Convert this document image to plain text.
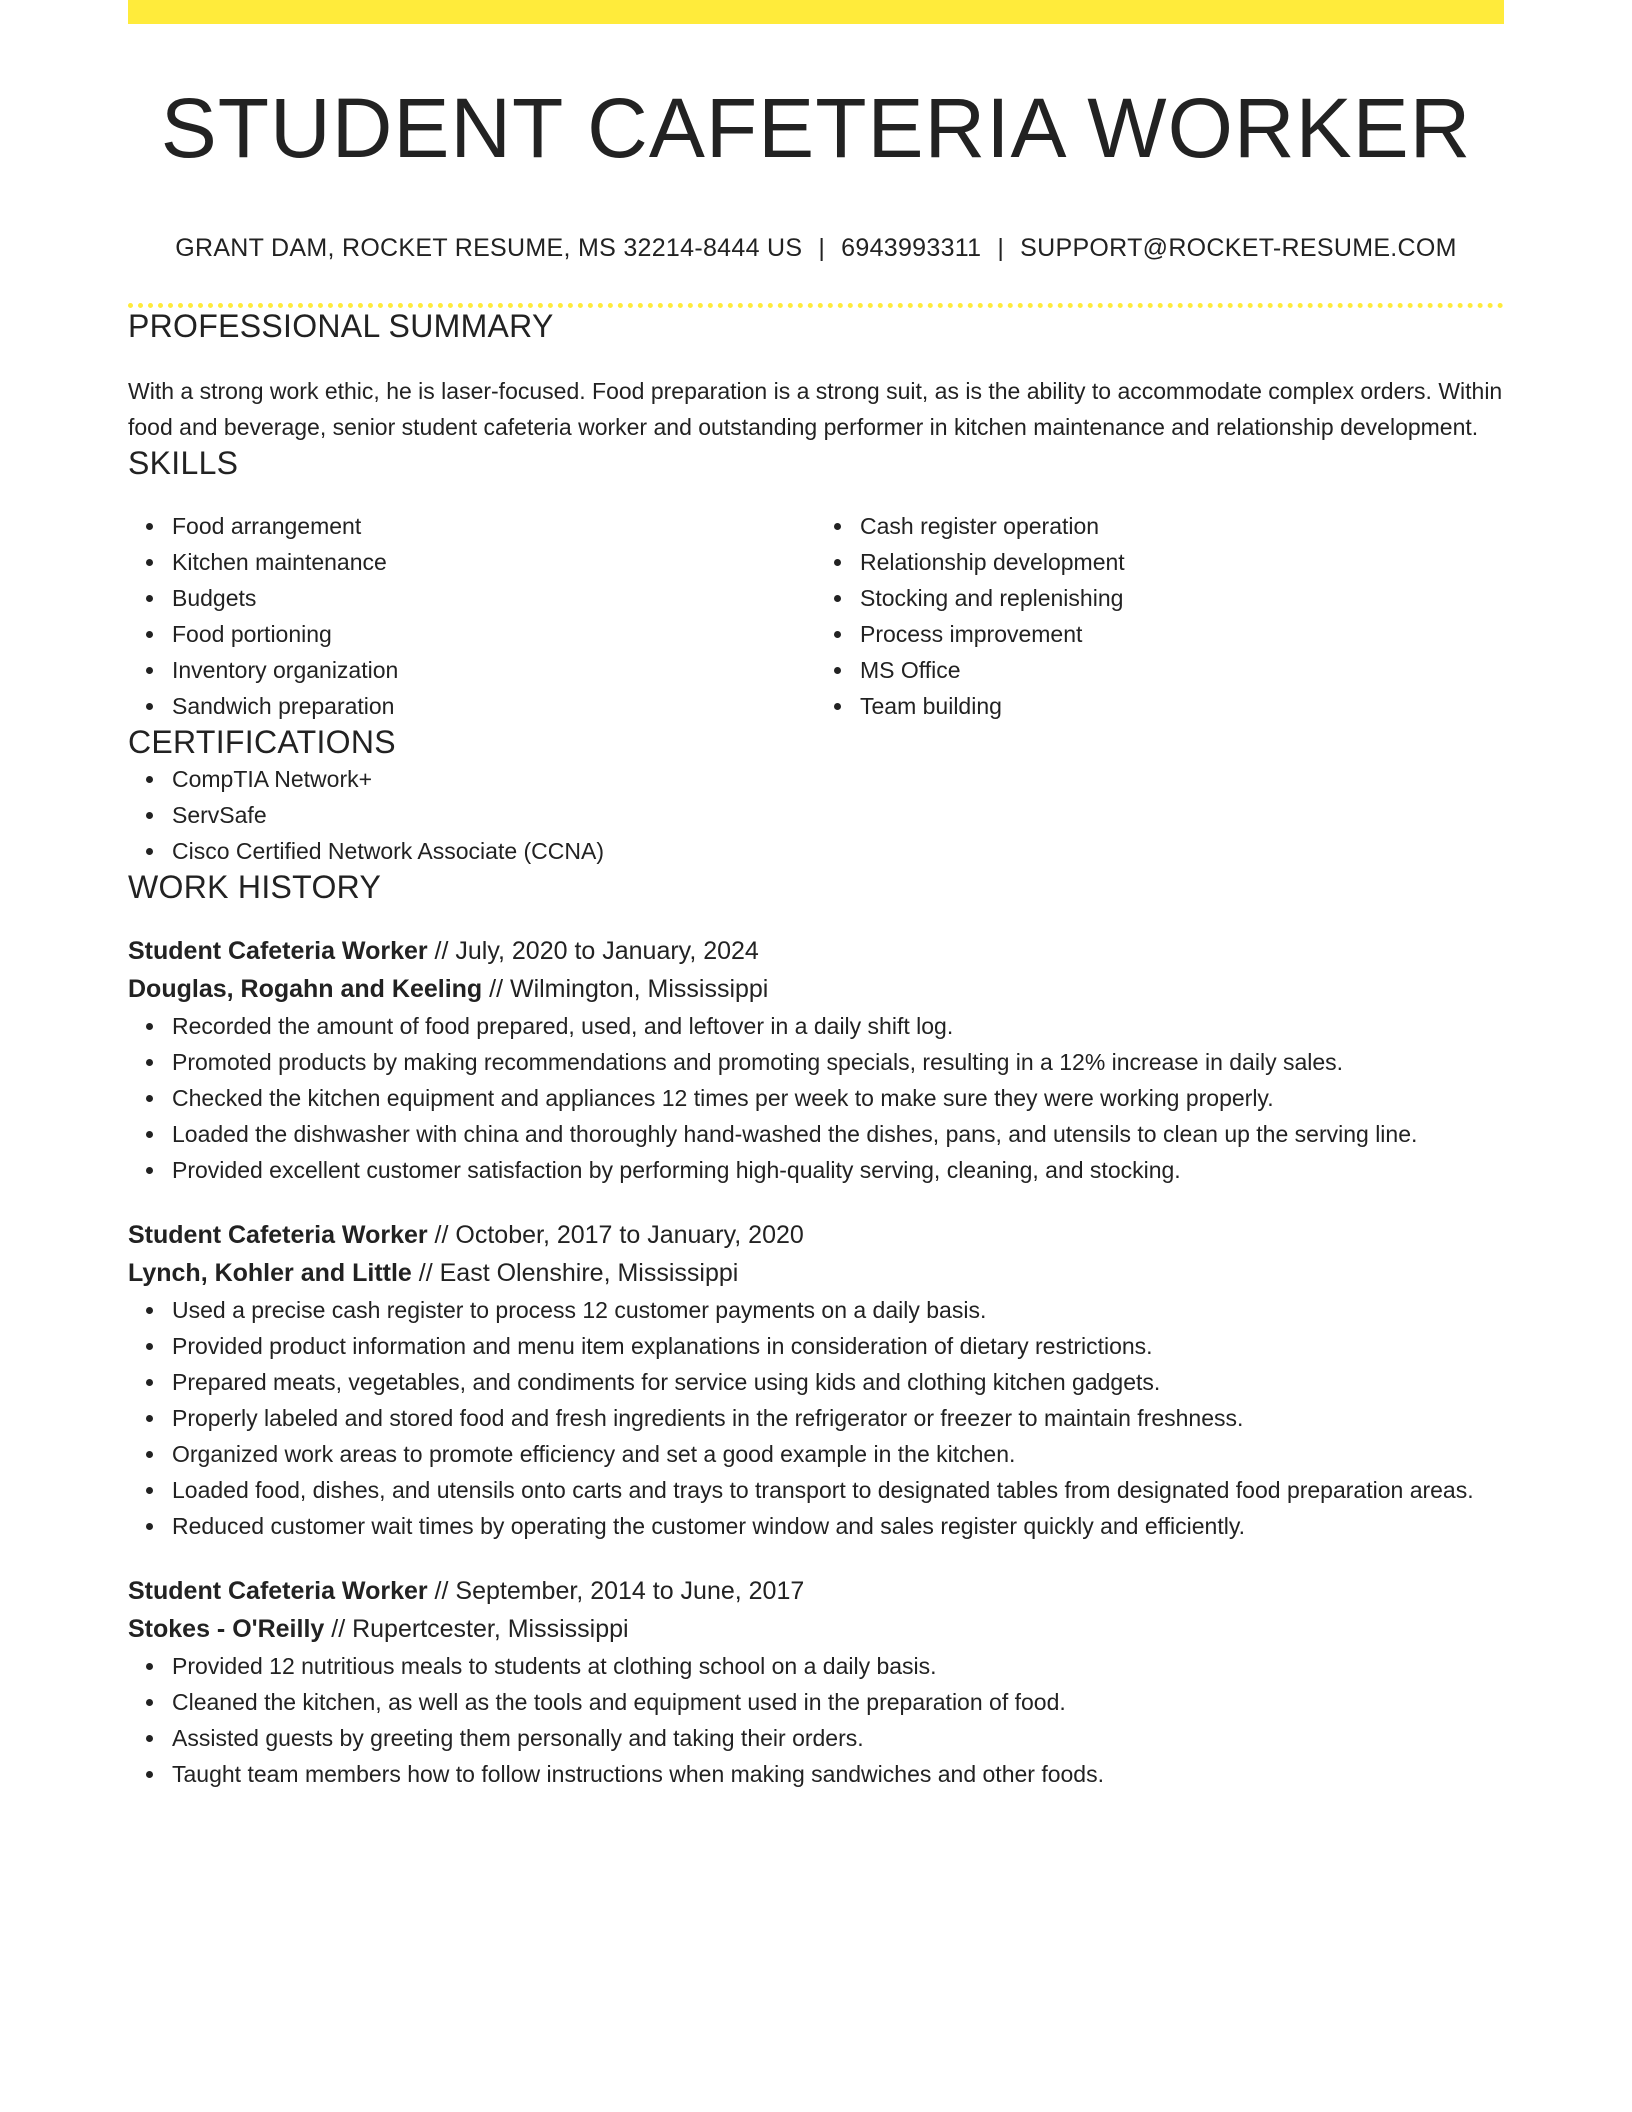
STUDENT CAFETERIA WORKER
GRANT DAM, ROCKET RESUME, MS 32214-8444 US | 6943993311 | SUPPORT@ROCKET-RESUME.COM
PROFESSIONAL SUMMARY
With a strong work ethic, he is laser-focused. Food preparation is a strong suit, as is the ability to accommodate complex orders. Within food and beverage, senior student cafeteria worker and outstanding performer in kitchen maintenance and relationship development.
SKILLS
Food arrangement
Kitchen maintenance
Budgets
Food portioning
Inventory organization
Sandwich preparation
Cash register operation
Relationship development
Stocking and replenishing
Process improvement
MS Office
Team building
CERTIFICATIONS
CompTIA Network+
ServSafe
Cisco Certified Network Associate (CCNA)
WORK HISTORY
Student Cafeteria Worker // July, 2020 to January, 2024
Douglas, Rogahn and Keeling // Wilmington, Mississippi
Recorded the amount of food prepared, used, and leftover in a daily shift log.
Promoted products by making recommendations and promoting specials, resulting in a 12% increase in daily sales.
Checked the kitchen equipment and appliances 12 times per week to make sure they were working properly.
Loaded the dishwasher with china and thoroughly hand-washed the dishes, pans, and utensils to clean up the serving line.
Provided excellent customer satisfaction by performing high-quality serving, cleaning, and stocking.
Student Cafeteria Worker // October, 2017 to January, 2020
Lynch, Kohler and Little // East Olenshire, Mississippi
Used a precise cash register to process 12 customer payments on a daily basis.
Provided product information and menu item explanations in consideration of dietary restrictions.
Prepared meats, vegetables, and condiments for service using kids and clothing kitchen gadgets.
Properly labeled and stored food and fresh ingredients in the refrigerator or freezer to maintain freshness.
Organized work areas to promote efficiency and set a good example in the kitchen.
Loaded food, dishes, and utensils onto carts and trays to transport to designated tables from designated food preparation areas.
Reduced customer wait times by operating the customer window and sales register quickly and efficiently.
Student Cafeteria Worker // September, 2014 to June, 2017
Stokes - O'Reilly // Rupertcester, Mississippi
Provided 12 nutritious meals to students at clothing school on a daily basis.
Cleaned the kitchen, as well as the tools and equipment used in the preparation of food.
Assisted guests by greeting them personally and taking their orders.
Taught team members how to follow instructions when making sandwiches and other foods.
